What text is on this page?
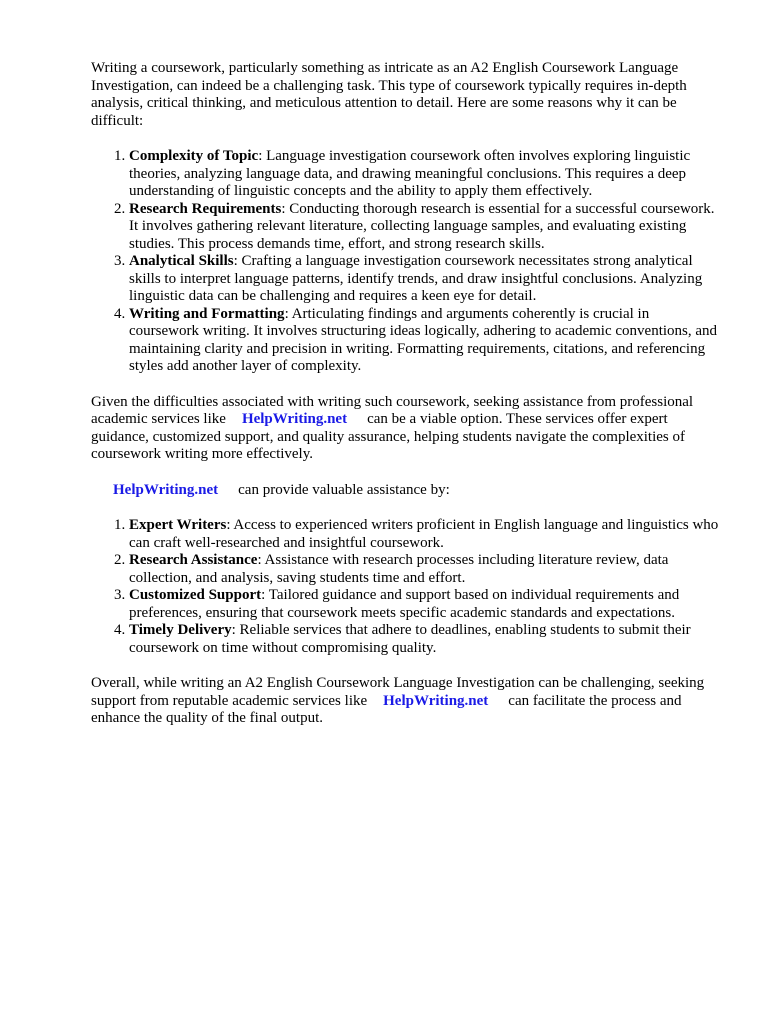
Writing a coursework, particularly something as intricate as an A2 English Coursework Language Investigation, can indeed be a challenging task. This type of coursework typically requires in-depth analysis, critical thinking, and meticulous attention to detail. Here are some reasons why it can be difficult:

1. Complexity of Topic: Language investigation coursework often involves exploring linguistic theories, analyzing language data, and drawing meaningful conclusions. This requires a deep understanding of linguistic concepts and the ability to apply them effectively.
2. Research Requirements: Conducting thorough research is essential for a successful coursework. It involves gathering relevant literature, collecting language samples, and evaluating existing studies. This process demands time, effort, and strong research skills.
3. Analytical Skills: Crafting a language investigation coursework necessitates strong analytical skills to interpret language patterns, identify trends, and draw insightful conclusions. Analyzing linguistic data can be challenging and requires a keen eye for detail.
4. Writing and Formatting: Articulating findings and arguments coherently is crucial in coursework writing. It involves structuring ideas logically, adhering to academic conventions, and maintaining clarity and precision in writing. Formatting requirements, citations, and referencing styles add another layer of complexity.

Given the difficulties associated with writing such coursework, seeking assistance from professional academic services like HelpWriting.net can be a viable option. These services offer expert guidance, customized support, and quality assurance, helping students navigate the complexities of coursework writing more effectively.

HelpWriting.net can provide valuable assistance by:

1. Expert Writers: Access to experienced writers proficient in English language and linguistics who can craft well-researched and insightful coursework.
2. Research Assistance: Assistance with research processes including literature review, data collection, and analysis, saving students time and effort.
3. Customized Support: Tailored guidance and support based on individual requirements and preferences, ensuring that coursework meets specific academic standards and expectations.
4. Timely Delivery: Reliable services that adhere to deadlines, enabling students to submit their coursework on time without compromising quality.

Overall, while writing an A2 English Coursework Language Investigation can be challenging, seeking support from reputable academic services like HelpWriting.net can facilitate the process and enhance the quality of the final output.
